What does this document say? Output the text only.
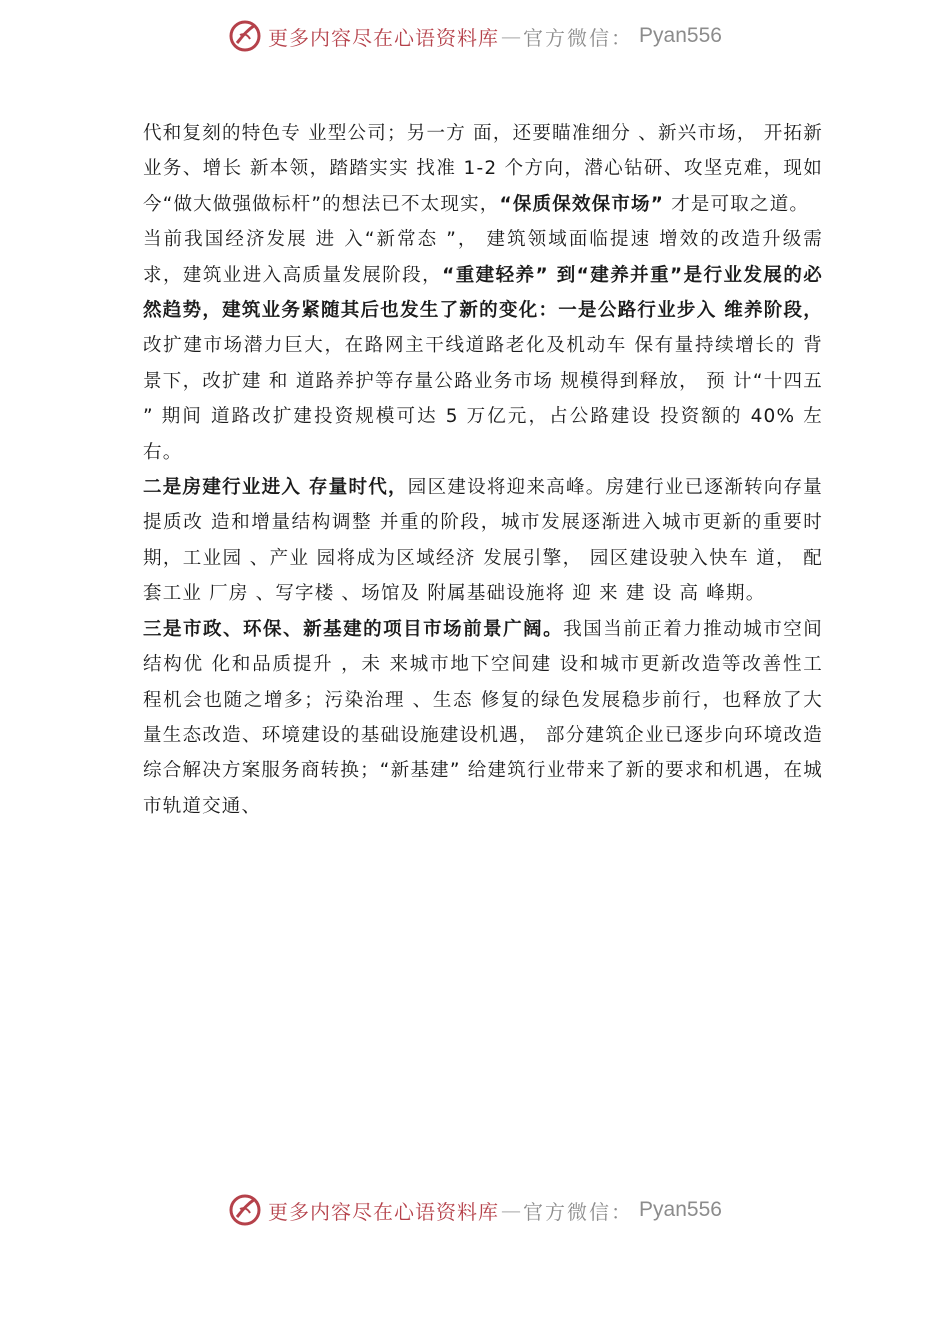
更多内容尽在心语资料库 — 官方微信： Pyan556

代和复刻的特色专 业型公司；另一方 面，还要瞄准细分 、新兴市场， 开拓新业务、增长 新本领，踏踏实实 找准 1-2 个方向，潜心钻研、攻坚克难，现如今“做大做强做标杆”的想法已不太现实，“保质保效保市场” 才是可取之道。

当前我国经济发展 进 入“新常态 ”， 建筑领域面临提速 增效的改造升级需求，建筑业进入高质量发展阶段，“重建轻养” 到“建养并重”是行业发展的必然趋势，建筑业务紧随其后也发生了新的变化：一是公路行业步入 维养阶段，改扩建市场潜力巨大，在路网主干线道路老化及机动车 保有量持续增长的 背景下，改扩建 和 道路养护等存量公路业务市场 规模得到释放， 预 计“十四五 ” 期间 道路改扩建投资规模可达 5 万亿元，占公路建设 投资额的 40% 左右。

二是房建行业进入 存量时代，园区建设将迎来高峰。房建行业已逐渐转向存量提质改 造和增量结构调整 并重的阶段，城市发展逐渐进入城市更新的重要时期，工业园 、产业 园将成为区域经济 发展引擎， 园区建设驶入快车 道， 配套工业 厂房 、写字楼 、场馆及 附属基础设施将 迎 来 建 设 高 峰期。

三是市政、环保、新基建的项目市场前景广阔。我国当前正着力推动城市空间结构优 化和品质提升 ，未 来城市地下空间建 设和城市更新改造等改善性工 程机会也随之增多；污染治理 、生态 修复的绿色发展稳步前行，也释放了大量生态改造、环境建设的基础设施建设机遇， 部分建筑企业已逐步向环境改造综合解决方案服务商转换；“新基建” 给建筑行业带来了新的要求和机遇，在城市轨道交通、

更多内容尽在心语资料库 — 官方微信： Pyan556
